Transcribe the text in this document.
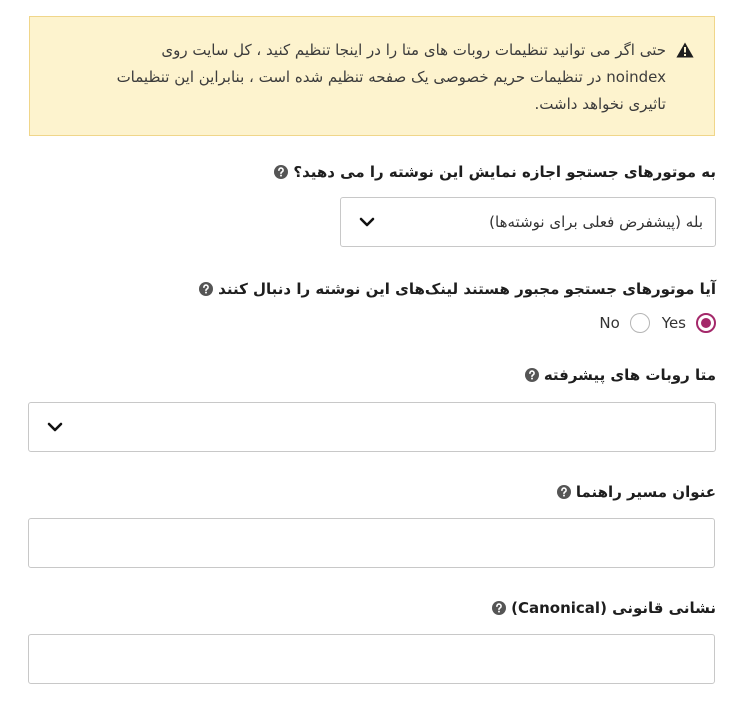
حتی اگر می توانید تنظیمات روبات های متا را در اینجا تنظیم کنید ، کل سایت روی
noindex در تنظیمات حریم خصوصی یک صفحه تنظیم شده است ، بنابراین این تنظیمات
تاثیری نخواهد داشت.
به موتورهای جستجو اجازه نمایش این نوشته را می دهید؟
بله (پیشفرض فعلی برای نوشته‌ها)
آیا موتورهای جستجو مجبور هستند لینک‌های این نوشته را دنبال کنند
Yes
No
متا روبات های پیشرفته
عنوان مسیر راهنما
نشانی قانونی (Canonical)
